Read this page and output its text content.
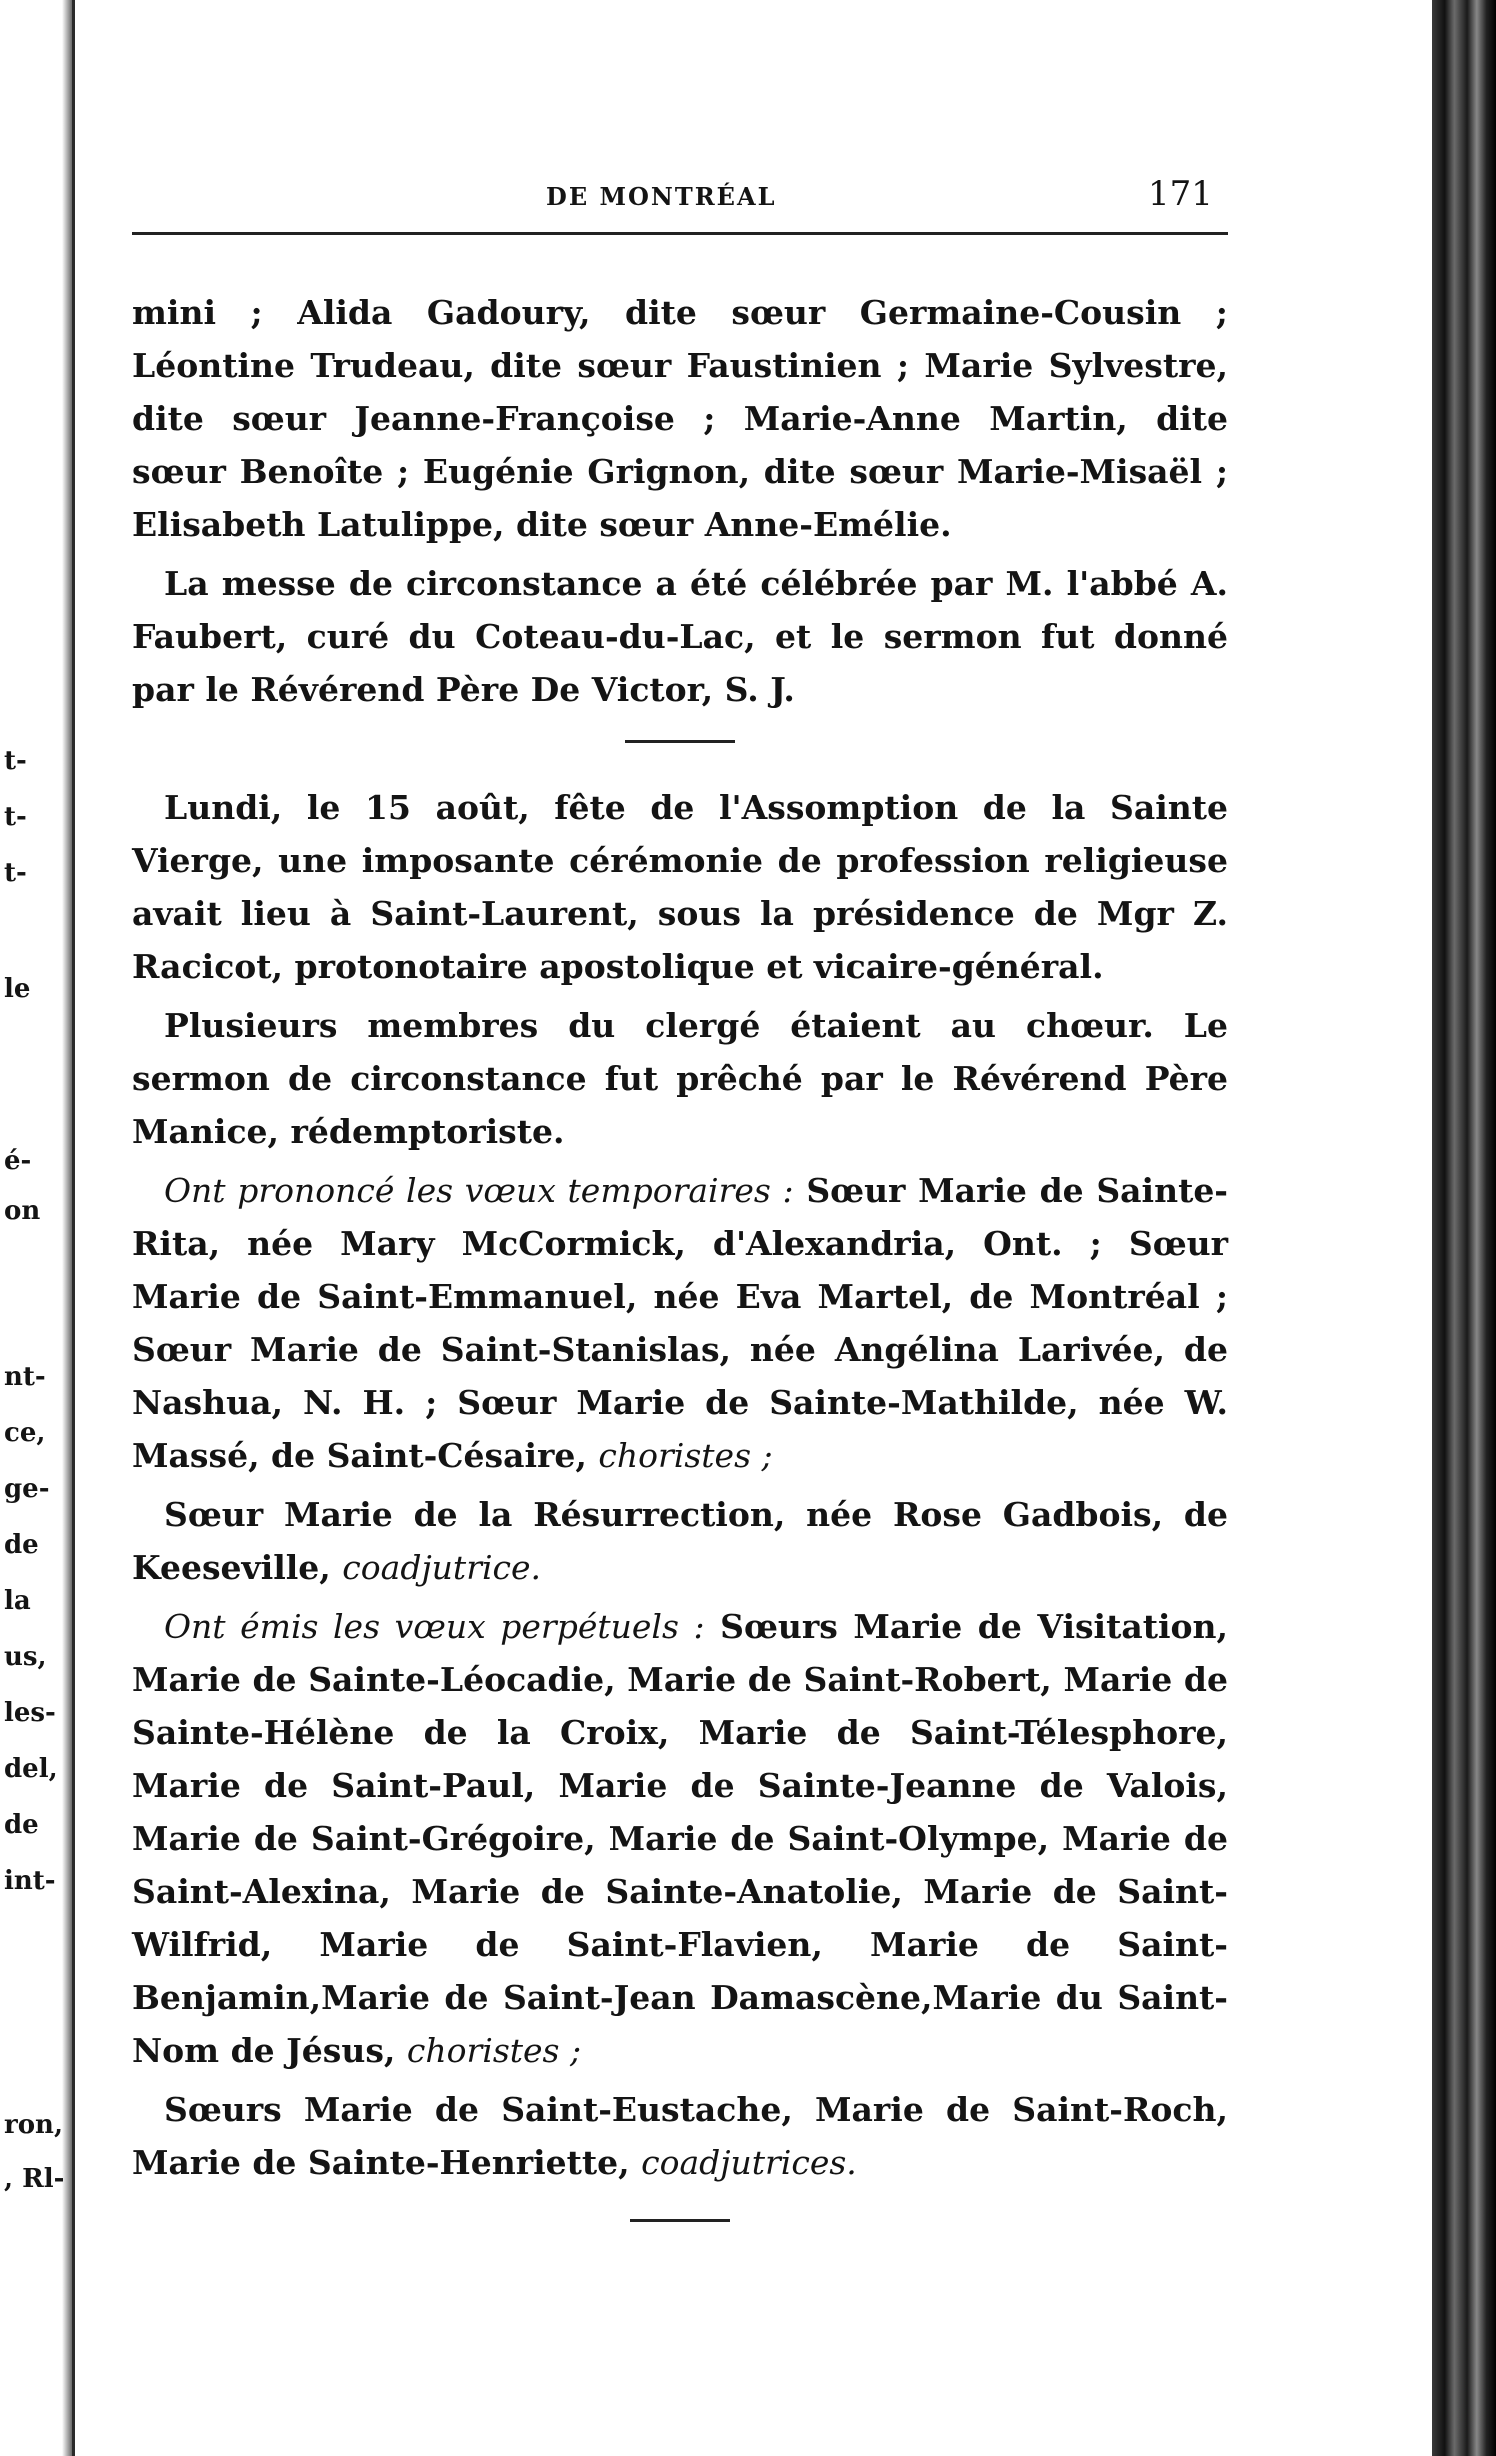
t-
t-
t-
le
é-
on
nt-
ce,
ge-
de
la
us,
les-
del,
de
int-
ron,
, Rl-
DE MONTRÉAL	171

mini ; Alida Gadoury, dite sœur Germaine-Cousin ; Léontine Trudeau, dite sœur Faustinien ; Marie Sylvestre, dite sœur Jeanne-Françoise ; Marie-Anne Martin, dite sœur Benoîte ; Eugénie Grignon, dite sœur Marie-Misaël ; Elisabeth Latulippe, dite sœur Anne-Emélie.

La messe de circonstance a été célébrée par M. l'abbé A. Faubert, curé du Coteau-du-Lac, et le sermon fut donné par le Révérend Père De Victor, S. J.

Lundi, le 15 août, fête de l'Assomption de la Sainte Vierge, une imposante cérémonie de profession religieuse avait lieu à Saint-Laurent, sous la présidence de Mgr Z. Racicot, protonotaire apostolique et vicaire-général.

Plusieurs membres du clergé étaient au chœur. Le sermon de circonstance fut prêché par le Révérend Père Manice, rédemptoriste.

Ont prononcé les vœux temporaires : Sœur Marie de Sainte-Rita, née Mary McCormick, d'Alexandria, Ont. ; Sœur Marie de Saint-Emmanuel, née Eva Martel, de Montréal ; Sœur Marie de Saint-Stanislas, née Angélina Larivée, de Nashua, N. H. ; Sœur Marie de Sainte-Mathilde, née W. Massé, de Saint-Césaire, choristes ;

Sœur Marie de la Résurrection, née Rose Gadbois, de Keeseville, coadjutrice.

Ont émis les vœux perpétuels : Sœurs Marie de Visitation, Marie de Sainte-Léocadie, Marie de Saint-Robert, Marie de Sainte-Hélène de la Croix, Marie de Saint-Télesphore, Marie de Saint-Paul, Marie de Sainte-Jeanne de Valois, Marie de Saint-Grégoire, Marie de Saint-Olympe, Marie de Saint-Alexina, Marie de Sainte-Anatolie, Marie de Saint-Wilfrid, Marie de Saint-Flavien, Marie de Saint-Benjamin,Marie de Saint-Jean Damascène,Marie du Saint-Nom de Jésus, choristes ;

Sœurs Marie de Saint-Eustache, Marie de Saint-Roch, Marie de Sainte-Henriette, coadjutrices.
